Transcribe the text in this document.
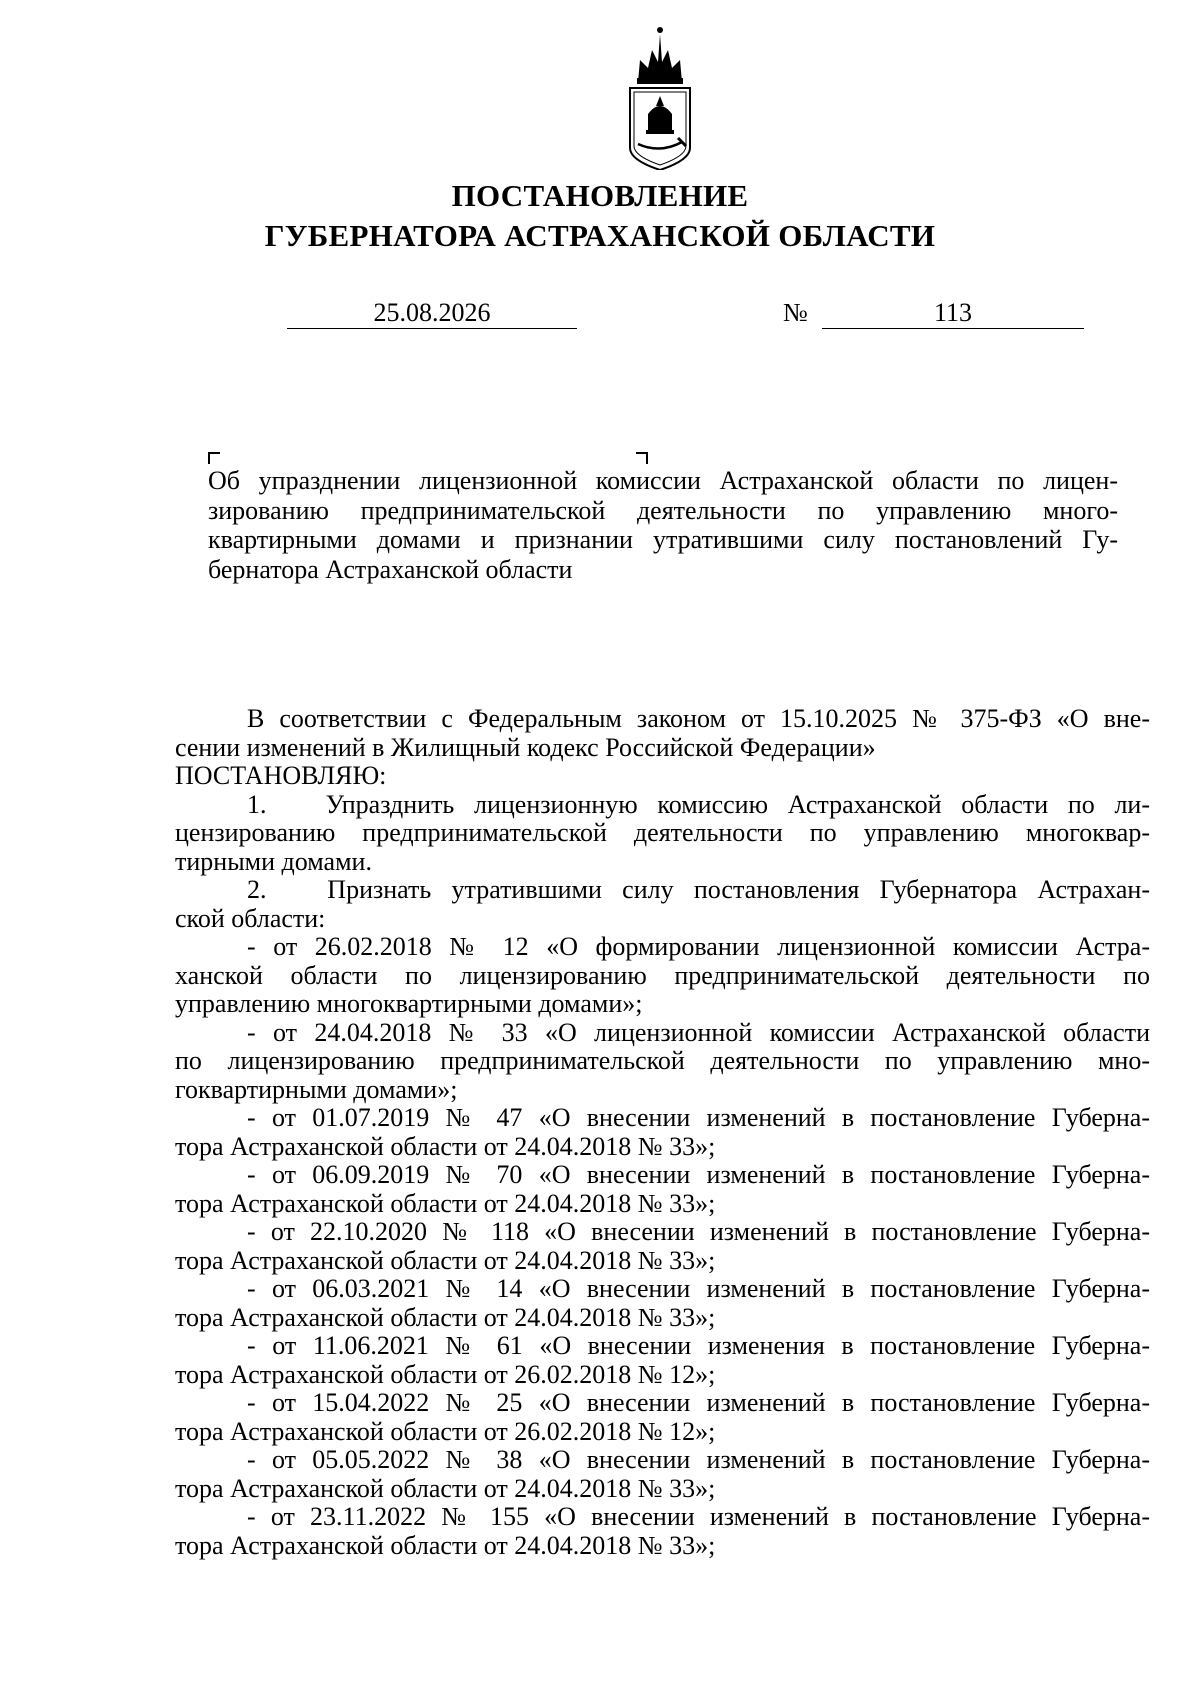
ПОСТАНОВЛЕНИЕ
ГУБЕРНАТОРА АСТРАХАНСКОЙ ОБЛАСТИ
25.08.2026	№	113
Об упразднении лицензионной комиссии Астраханской области по лицен-
зированию предпринимательской деятельности по управлению много-
квартирными домами и признании утратившими силу постановлений Гу-
бернатора Астраханской области
В соответствии с Федеральным законом от 15.10.2025 № 375-ФЗ «О вне-
сении изменений в Жилищный кодекс Российской Федерации»
ПОСТАНОВЛЯЮ:
1.   Упразднить лицензионную комиссию Астраханской области по ли-
цензированию предпринимательской деятельности по управлению многоквар-
тирными домами.
2.   Признать утратившими силу постановления Губернатора Астрахан-
ской области:
- от 26.02.2018 № 12 «О формировании лицензионной комиссии Астра-
ханской области по лицензированию предпринимательской деятельности по
управлению многоквартирными домами»;
- от 24.04.2018 № 33 «О лицензионной комиссии Астраханской области
по лицензированию предпринимательской деятельности по управлению мно-
гоквартирными домами»;
- от 01.07.2019 № 47 «О внесении изменений в постановление Губерна-
тора Астраханской области от 24.04.2018 № 33»;
- от 06.09.2019 № 70 «О внесении изменений в постановление Губерна-
тора Астраханской области от 24.04.2018 № 33»;
- от 22.10.2020 № 118 «О внесении изменений в постановление Губерна-
тора Астраханской области от 24.04.2018 № 33»;
- от 06.03.2021 № 14 «О внесении изменений в постановление Губерна-
тора Астраханской области от 24.04.2018 № 33»;
- от 11.06.2021 № 61 «О внесении изменения в постановление Губерна-
тора Астраханской области от 26.02.2018 № 12»;
- от 15.04.2022 № 25 «О внесении изменений в постановление Губерна-
тора Астраханской области от 26.02.2018 № 12»;
- от 05.05.2022 № 38 «О внесении изменений в постановление Губерна-
тора Астраханской области от 24.04.2018 № 33»;
- от 23.11.2022 № 155 «О внесении изменений в постановление Губерна-
тора Астраханской области от 24.04.2018 № 33»;
